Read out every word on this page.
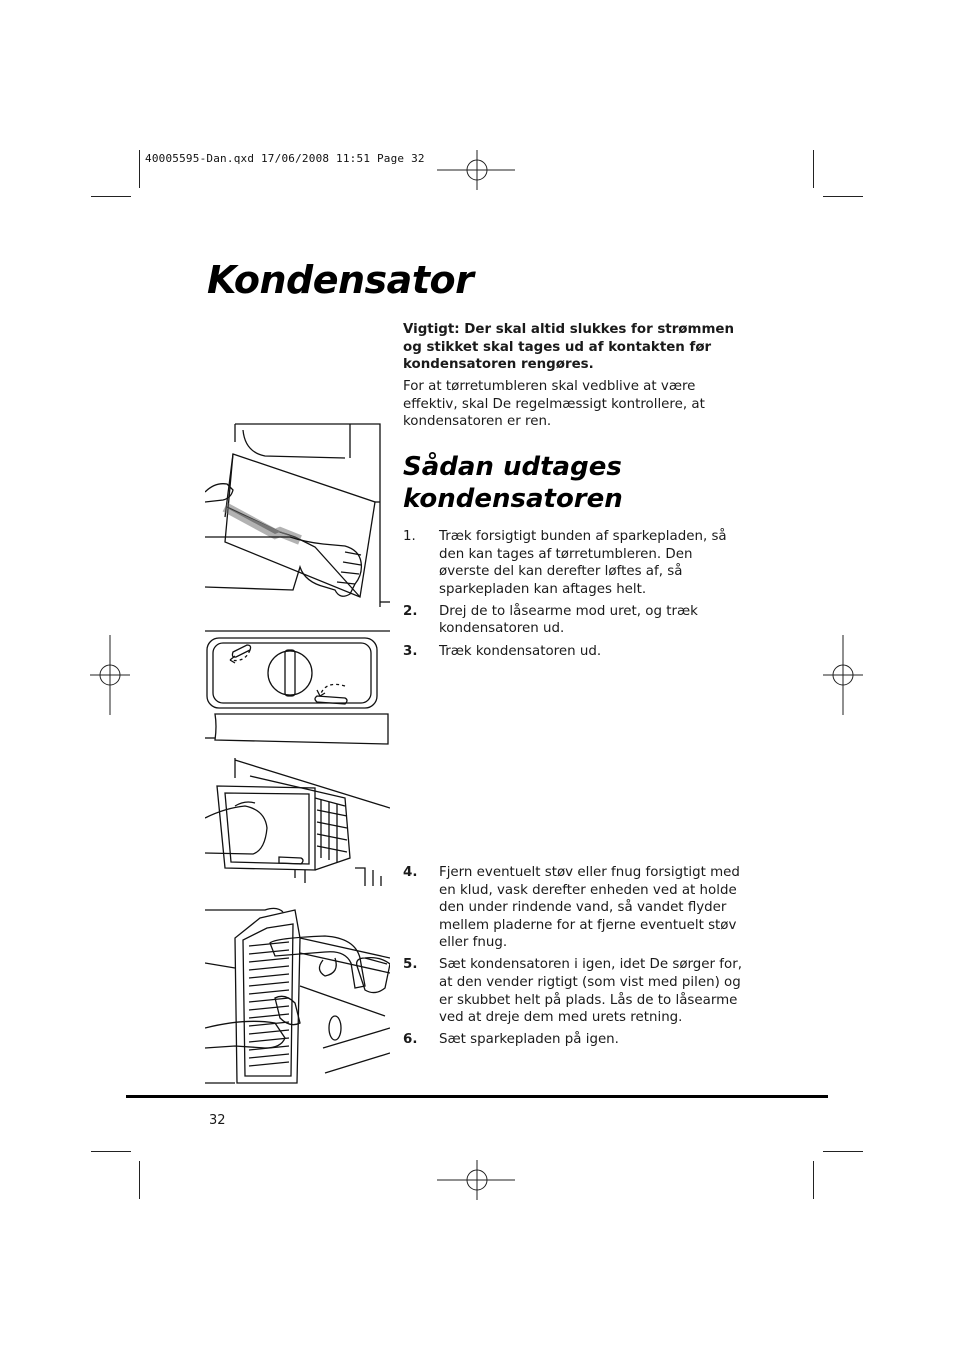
40005595-Dan.qxd 17/06/2008 11:51 Page 32
Kondensator

Vigtigt: Der skal altid slukkes for strømmen og stikket skal tages ud af kontakten før kondensatoren rengøres.

For at tørretumbleren skal vedblive at være effektiv, skal De regelmæssigt kontrollere, at kondensatoren er ren.

Sådan udtages kondensatoren
1. Træk forsigtigt bunden af sparkepladen, så den kan tages af tørretumbleren. Den øverste del kan derefter løftes af, så sparkepladen kan aftages helt.
2. Drej de to låsearme mod uret, og træk kondensatoren ud.
3. Træk kondensatoren ud.
4. Fjern eventuelt støv eller fnug forsigtigt med en klud, vask derefter enheden ved at holde den under rindende vand, så vandet flyder mellem pladerne for at fjerne eventuelt støv eller fnug.
5. Sæt kondensatoren i igen, idet De sørger for, at den vender rigtigt (som vist med pilen) og er skubbet helt på plads. Lås de to låsearme ved at dreje dem med urets retning.
6. Sæt sparkepladen på igen.
32
